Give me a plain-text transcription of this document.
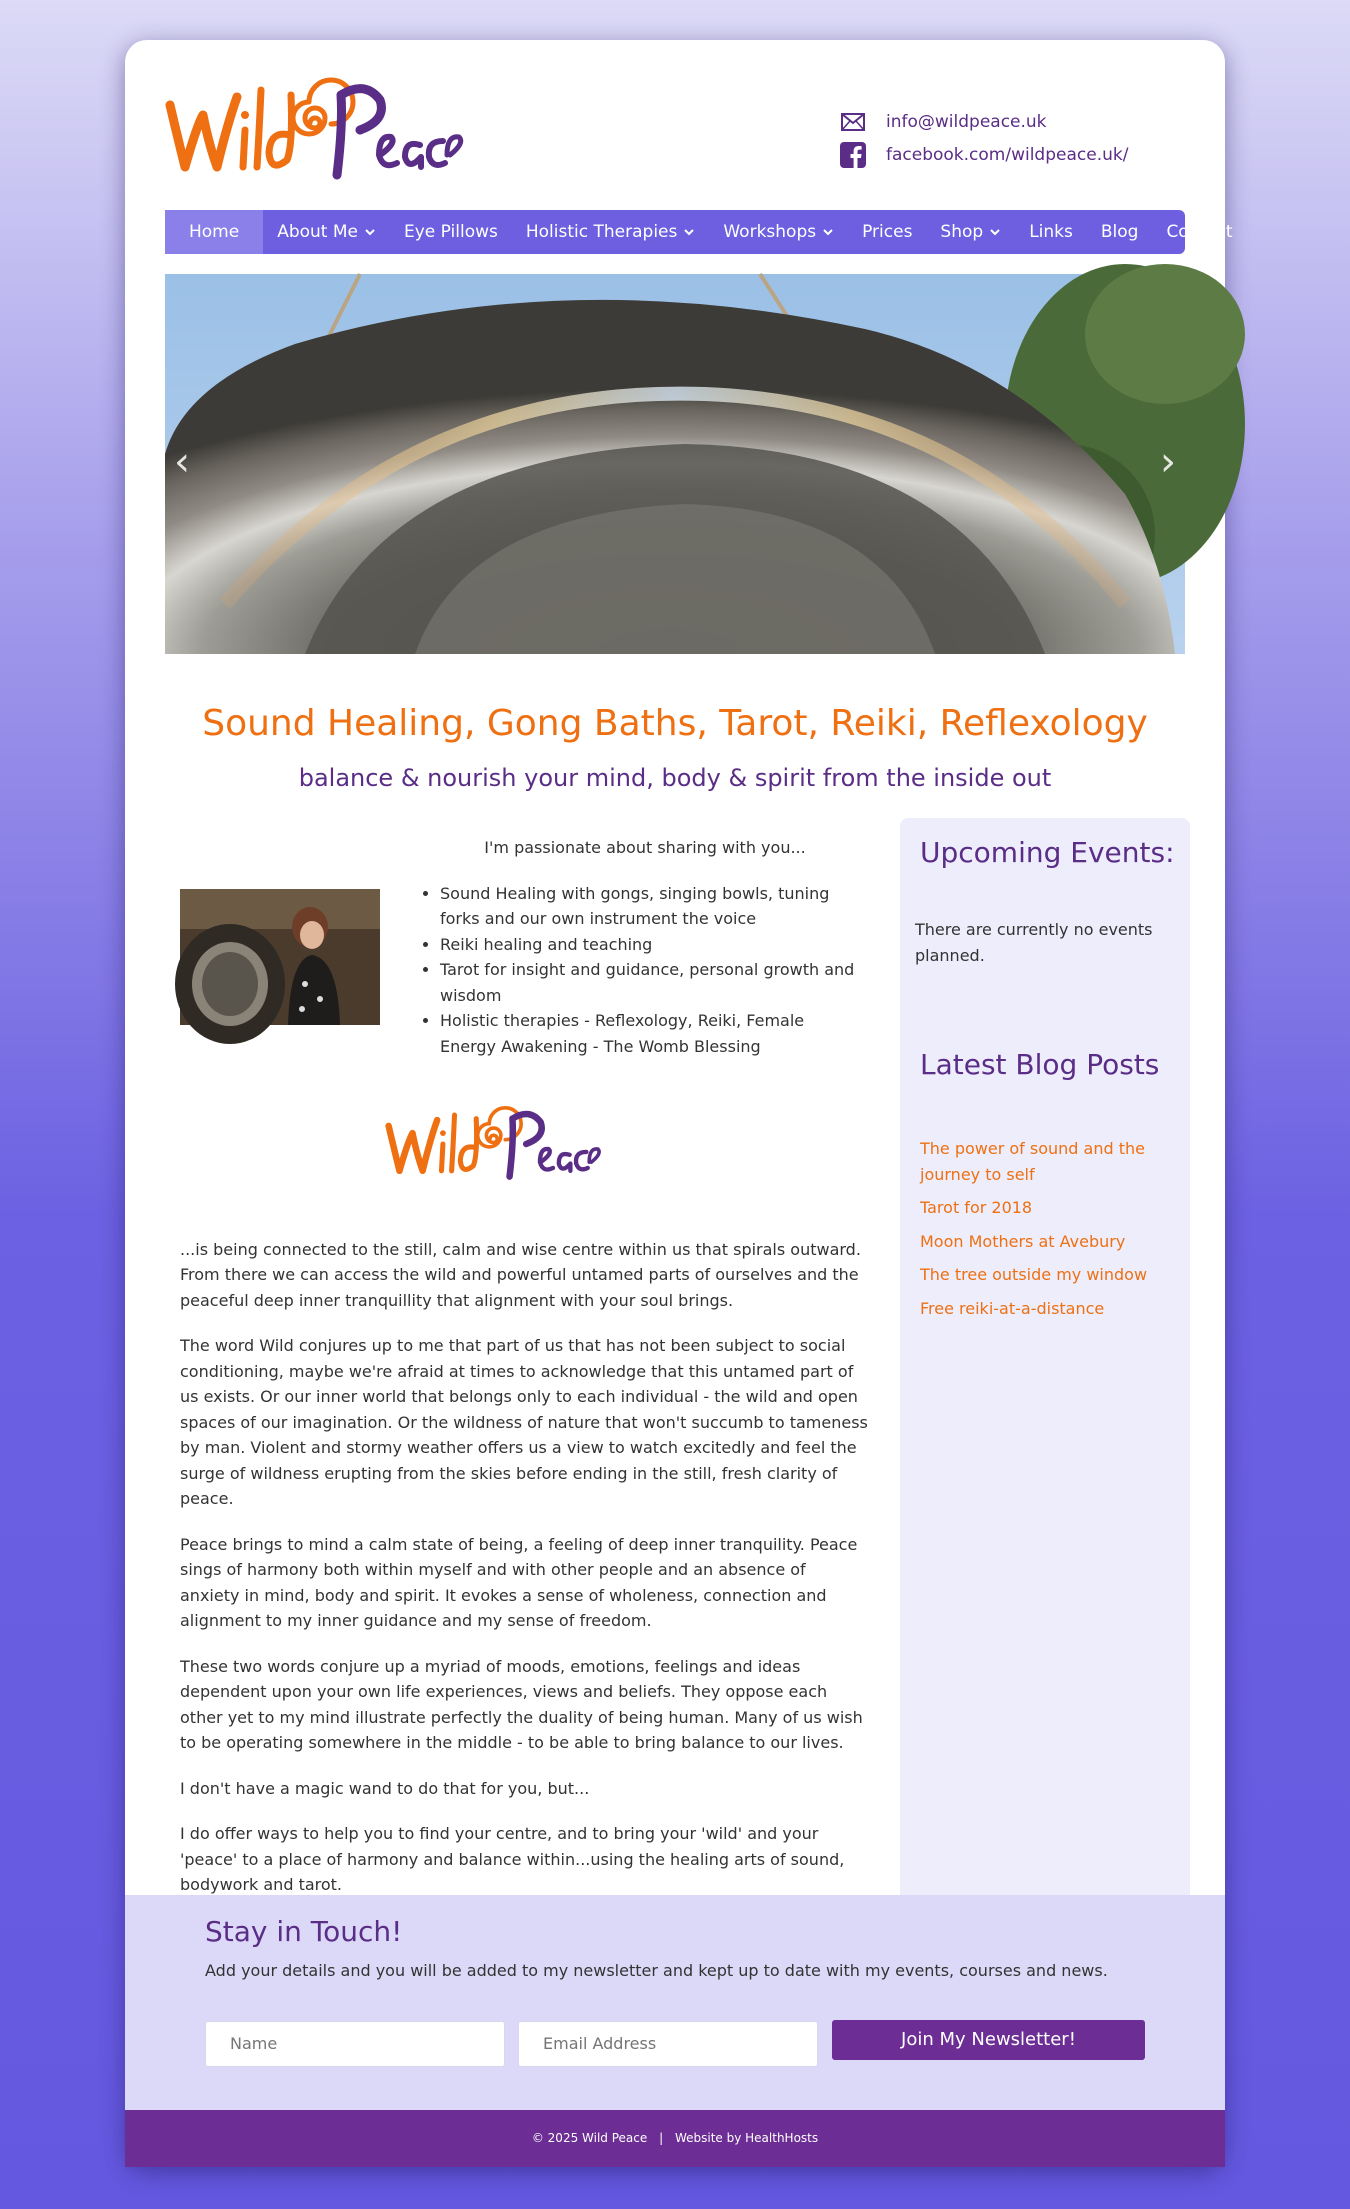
info@wildpeace.uk
facebook.com/wildpeace.uk/
Home About Me	Eye Pillows Holistic Therapies	Workshops	Prices Shop	Links Blog Contact
‹	›
Sound Healing, Gong Baths, Tarot, Reiki, Reflexology
balance & nourish your mind, body & spirit from the inside out
I'm passionate about sharing with you...
• Sound Healing with gongs, singing bowls, tuning forks and our own instrument the voice
• Reiki healing and teaching
• Tarot for insight and guidance, personal growth and wisdom
• Holistic therapies - Reflexology, Reiki, Female Energy Awakening - The Womb Blessing

...is being connected to the still, calm and wise centre within us that spirals outward. From there we can access the wild and powerful untamed parts of ourselves and the peaceful deep inner tranquillity that alignment with your soul brings.

The word Wild conjures up to me that part of us that has not been subject to social conditioning, maybe we're afraid at times to acknowledge that this untamed part of us exists. Or our inner world that belongs only to each individual - the wild and open spaces of our imagination. Or the wildness of nature that won't succumb to tameness by man. Violent and stormy weather offers us a view to watch excitedly and feel the surge of wildness erupting from the skies before ending in the still, fresh clarity of peace.

Peace brings to mind a calm state of being, a feeling of deep inner tranquility. Peace sings of harmony both within myself and with other people and an absence of anxiety in mind, body and spirit. It evokes a sense of wholeness, connection and alignment to my inner guidance and my sense of freedom.

These two words conjure up a myriad of moods, emotions, feelings and ideas dependent upon your own life experiences, views and beliefs. They oppose each other yet to my mind illustrate perfectly the duality of being human. Many of us wish to be operating somewhere in the middle - to be able to bring balance to our lives.

I don't have a magic wand to do that for you, but...

I do offer ways to help you to find your centre, and to bring your 'wild' and your 'peace' to a place of harmony and balance within...using the healing arts of sound, bodywork and tarot.

Upcoming Events:
There are currently no events planned.
Latest Blog Posts
The power of sound and the journey to self
Tarot for 2018
Moon Mothers at Avebury
The tree outside my window
Free reiki-at-a-distance
Stay in Touch!
Add your details and you will be added to my newsletter and kept up to date with my events, courses and news.
Name
Email Address
Join My Newsletter!
© 2025 Wild Peace | Website by HealthHosts
